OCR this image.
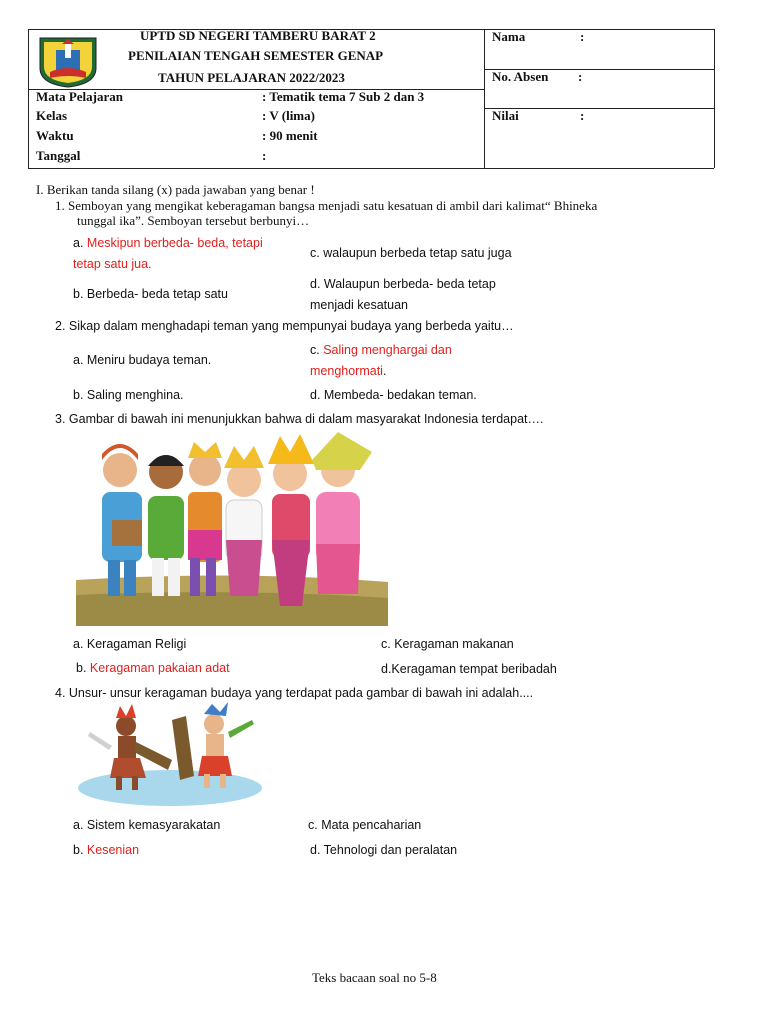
UPTD SD NEGERI TAMBERU BARAT 2
PENILAIAN TENGAH SEMESTER GENAP
TAHUN PELAJARAN 2022/2023
Mata Pelajaran	: Tematik tema 7 Sub 2 dan 3
Kelas	: V (lima)
Waktu	: 90 menit
Tanggal	:
Nama	:
No. Absen :
Nilai	:
I. Berikan tanda silang (x) pada jawaban yang benar !
1. Semboyan yang mengikat keberagaman bangsa menjadi satu kesatuan di ambil dari kalimat“ Bhineka
tunggal ika”. Semboyan tersebut berbunyi…
a. Meskipun berbeda- beda, tetapi
tetap satu jua.
b. Berbeda- beda tetap satu
c. walaupun berbeda tetap satu juga
d. Walaupun berbeda- beda tetap
menjadi kesatuan
2. Sikap dalam menghadapi teman yang mempunyai budaya yang berbeda yaitu…
a. Meniru budaya teman.
b. Saling menghina.
c. Saling menghargai dan
menghormati.
d. Membeda- bedakan teman.
3. Gambar di bawah ini menunjukkan bahwa di dalam masyarakat Indonesia terdapat….
a. Keragaman Religi
b. Keragaman pakaian adat
c. Keragaman makanan
d.Keragaman tempat beribadah
4. Unsur- unsur keragaman budaya yang terdapat pada gambar di bawah ini adalah....
a. Sistem kemasyarakatan
b. Kesenian
c. Mata pencaharian
d. Tehnologi dan peralatan
Teks bacaan soal no 5-8
